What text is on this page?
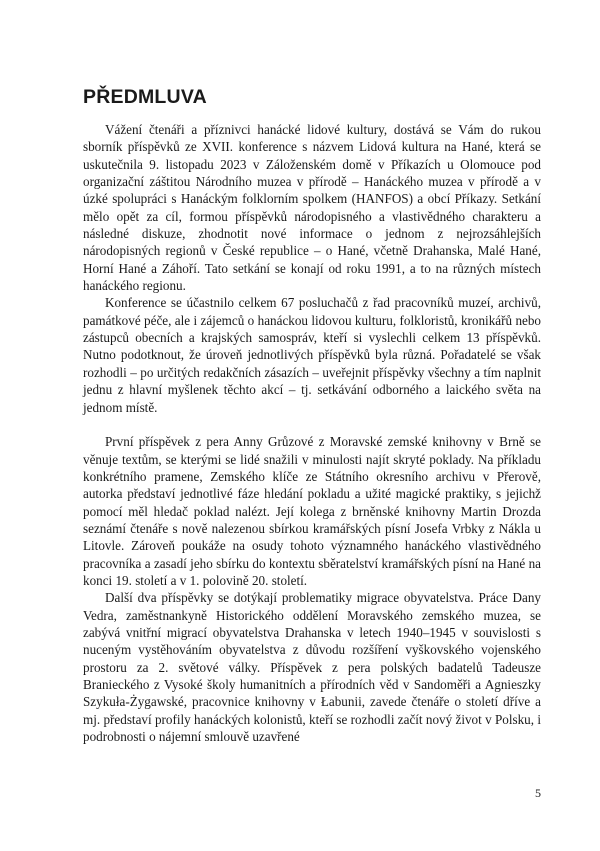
PŘEDMLUVA

Vážení čtenáři a příznivci hanácké lidové kultury, dostává se Vám do rukou sborník příspěvků ze XVII. konference s názvem Lidová kultura na Hané, která se uskutečnila 9. listopadu 2023 v Záloženském domě v Příkazích u Olomouce pod organizační záštitou Národního muzea v přírodě – Hanáckého muzea v přírodě a v úzké spolupráci s Hanáckým folklorním spolkem (HANFOS) a obcí Příkazy. Setkání mělo opět za cíl, formou příspěvků národopisného a vlastivědného charakteru a následné diskuze, zhodnotit nové informace o jednom z nejrozsáhlejších národopisných regionů v České republice – o Hané, včetně Drahanska, Malé Hané, Horní Hané a Záhoří. Tato setkání se konají od roku 1991, a to na různých místech hanáckého regionu.

Konference se účastnilo celkem 67 posluchačů z řad pracovníků muzeí, archivů, památkové péče, ale i zájemců o hanáckou lidovou kulturu, folkloristů, kronikářů nebo zástupců obecních a krajských samospráv, kteří si vyslechli celkem 13 příspěvků. Nutno podotknout, že úroveň jednotlivých příspěvků byla různá. Pořadatelé se však rozhodli – po určitých redakčních zásazích – uveřejnit příspěvky všechny a tím naplnit jednu z hlavní myšlenek těchto akcí – tj. setkávání odborného a laického světa na jednom místě.

První příspěvek z pera Anny Grůzové z Moravské zemské knihovny v Brně se věnuje textům, se kterými se lidé snažili v minulosti najít skryté poklady. Na příkladu konkrétního pramene, Zemského klíče ze Státního okresního archivu v Přerově, autorka představí jednotlivé fáze hledání pokladu a užité magické praktiky, s jejichž pomocí měl hledač poklad nalézt. Její kolega z brněnské knihovny Martin Drozda seznámí čtenáře s nově nalezenou sbírkou kramářských písní Josefa Vrbky z Nákla u Litovle. Zároveň poukáže na osudy tohoto významného hanáckého vlastivědného pracovníka a zasadí jeho sbírku do kontextu sběratelství kramářských písní na Hané na konci 19. století a v 1. polovině 20. století.

Další dva příspěvky se dotýkají problematiky migrace obyvatelstva. Práce Dany Vedra, zaměstnankyně Historického oddělení Moravského zemského muzea, se zabývá vnitřní migrací obyvatelstva Drahanska v letech 1940–1945 v souvislosti s nuceným vystěhováním obyvatelstva z důvodu rozšíření vyškovského vojenského prostoru za 2. světové války. Příspěvek z pera polských badatelů Tadeusze Branieckého z Vysoké školy humanitních a přírodních věd v Sandoměři a Agnieszky Szykuła-Żygawské, pracovnice knihovny v Łabunii, zavede čtenáře o století dříve a mj. představí profily hanáckých kolonistů, kteří se rozhodli začít nový život v Polsku, i podrobnosti o nájemní smlouvě uzavřené

5
